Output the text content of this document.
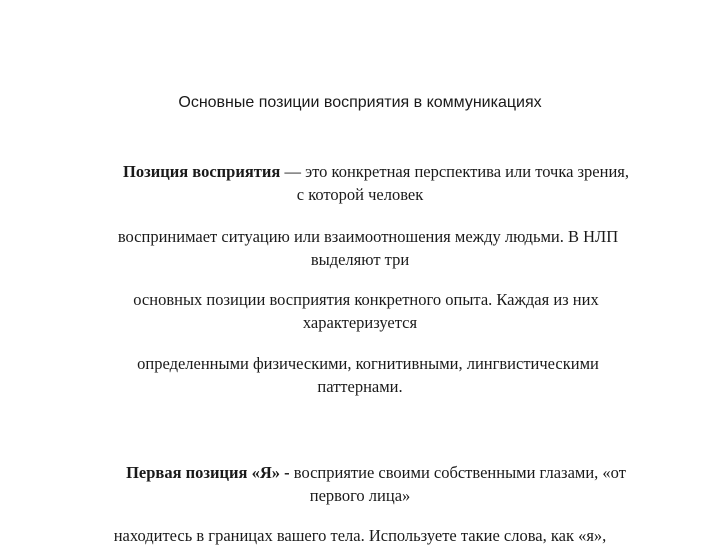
Основные позиции восприятия в коммуникациях
Позиция восприятия — это конкретная перспектива или точка зрения,
с которой человек
воспринимает ситуацию или взаимоотношения между людьми. В НЛП
выделяют три
основных позиции восприятия конкретного опыта. Каждая из них
характеризуется
определенными физическими, когнитивными, лингвистическими
паттернами.
Первая позиция «Я» - восприятие своими собственными глазами, «от
первого лица»
находитесь в границах вашего тела. Используете такие слова, как «я»,
